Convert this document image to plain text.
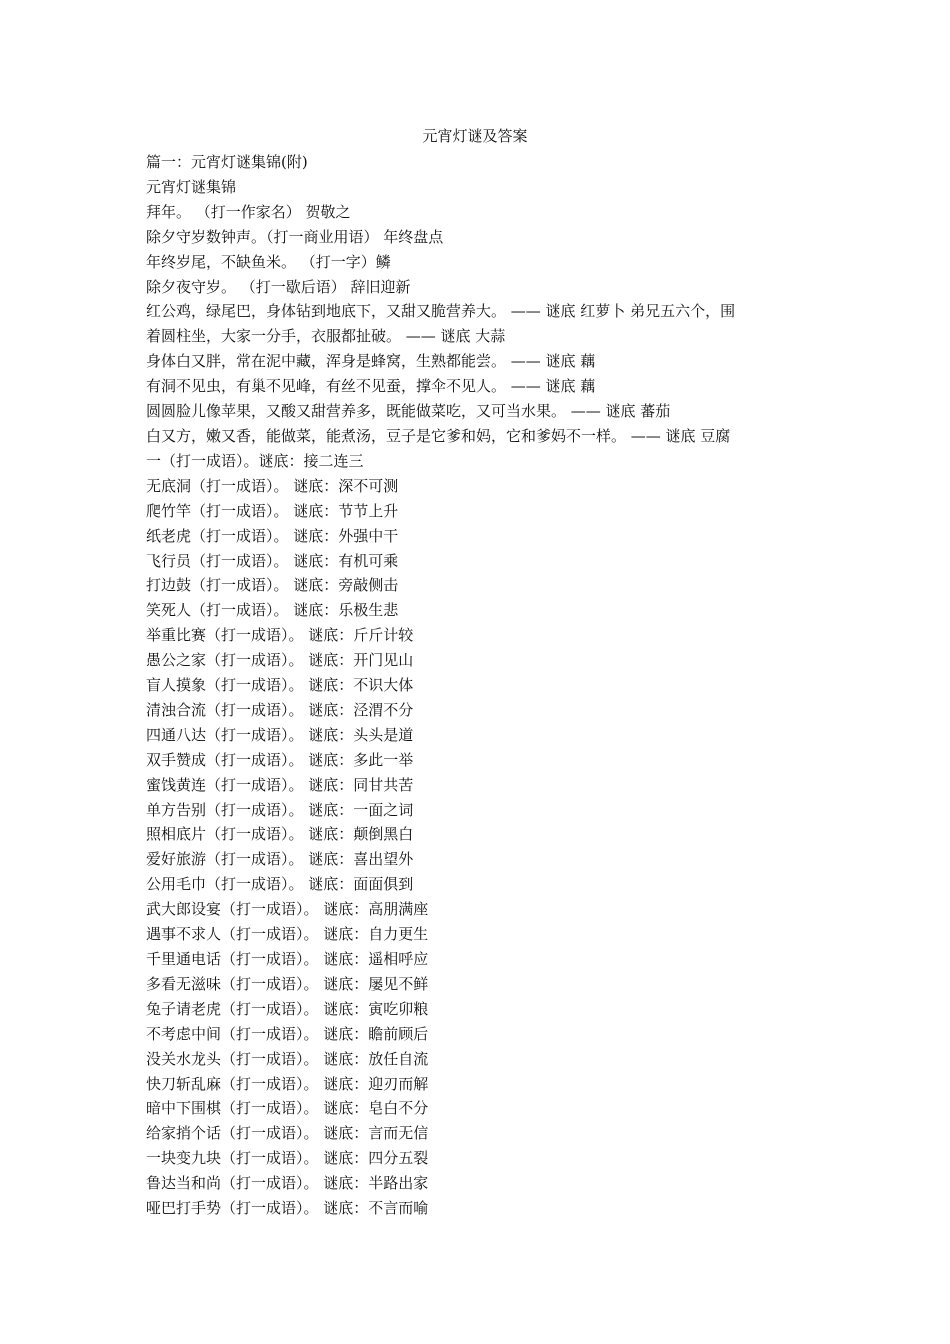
元宵灯谜及答案
篇一：元宵灯谜集锦(附)
元宵灯谜集锦
拜年。 （打一作家名） 贺敬之
除夕守岁数钟声。（打一商业用语） 年终盘点
年终岁尾，不缺鱼米。 （打一字）鳞
除夕夜守岁。 （打一歇后语） 辞旧迎新
红公鸡，绿尾巴，身体钻到地底下，又甜又脆营养大。 —— 谜底 红萝卜 弟兄五六个，围
着圆柱坐，大家一分手，衣服都扯破。 —— 谜底 大蒜
身体白又胖，常在泥中藏，浑身是蜂窝，生熟都能尝。 —— 谜底 藕
有洞不见虫，有巢不见峰，有丝不见蚕，撑伞不见人。 —— 谜底 藕
圆圆脸儿像苹果，又酸又甜营养多，既能做菜吃，又可当水果。 —— 谜底 蕃茄
白又方，嫩又香，能做菜，能煮汤，豆子是它爹和妈，它和爹妈不一样。 —— 谜底 豆腐
一（打一成语）。谜底：接二连三
无底洞（打一成语）。 谜底：深不可测
爬竹竿（打一成语）。 谜底：节节上升
纸老虎（打一成语）。 谜底：外强中干
飞行员（打一成语）。 谜底：有机可乘
打边鼓（打一成语）。 谜底：旁敲侧击
笑死人（打一成语）。 谜底：乐极生悲
举重比赛（打一成语）。 谜底：斤斤计较
愚公之家（打一成语）。 谜底：开门见山
盲人摸象（打一成语）。 谜底：不识大体
清浊合流（打一成语）。 谜底：泾渭不分
四通八达（打一成语）。 谜底：头头是道
双手赞成（打一成语）。 谜底：多此一举
蜜饯黄连（打一成语）。 谜底：同甘共苦
单方告别（打一成语）。 谜底：一面之词
照相底片（打一成语）。 谜底：颠倒黑白
爱好旅游（打一成语）。 谜底：喜出望外
公用毛巾（打一成语）。 谜底：面面俱到
武大郎设宴（打一成语）。 谜底：高朋满座
遇事不求人（打一成语）。 谜底：自力更生
千里通电话（打一成语）。 谜底：遥相呼应
多看无滋味（打一成语）。 谜底：屡见不鲜
兔子请老虎（打一成语）。 谜底：寅吃卯粮
不考虑中间（打一成语）。 谜底：瞻前顾后
没关水龙头（打一成语）。 谜底：放任自流
快刀斩乱麻（打一成语）。 谜底：迎刃而解
暗中下围棋（打一成语）。 谜底：皂白不分
给家捎个话（打一成语）。 谜底：言而无信
一块变九块（打一成语）。 谜底：四分五裂
鲁达当和尚（打一成语）。 谜底：半路出家
哑巴打手势（打一成语）。 谜底：不言而喻
